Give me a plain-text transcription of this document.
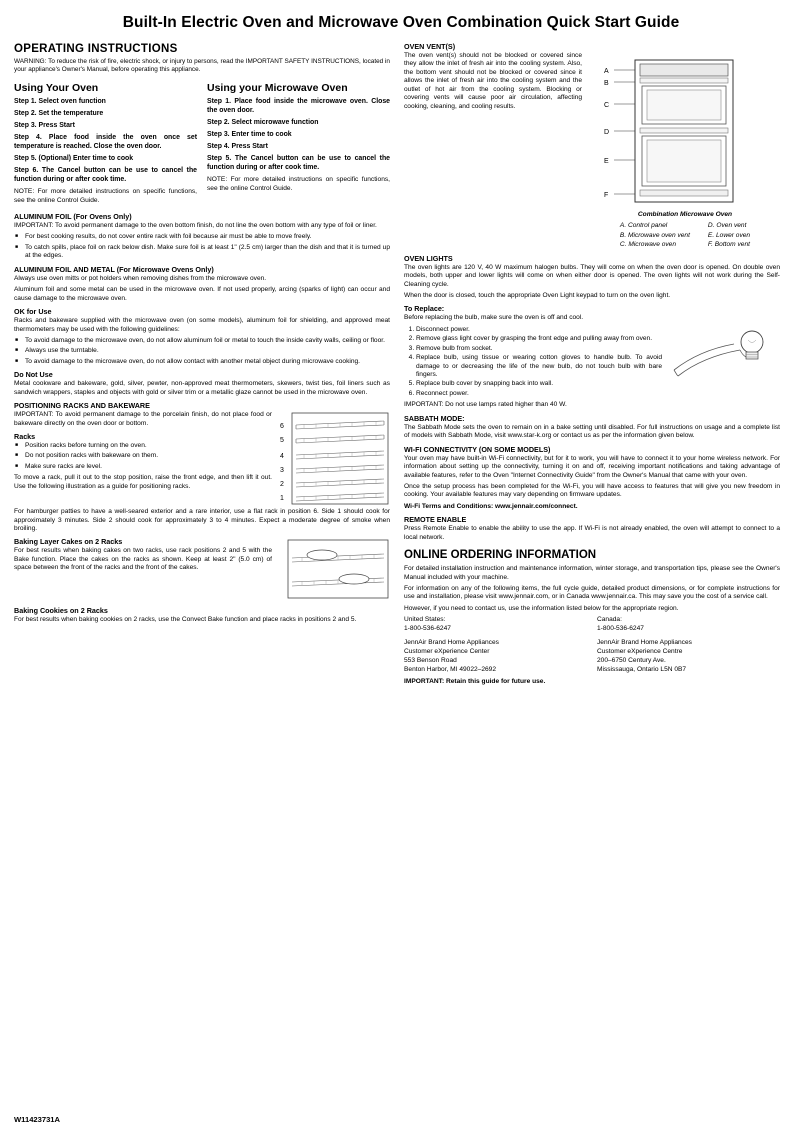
Built-In Electric Oven and Microwave Oven Combination Quick Start Guide
OPERATING INSTRUCTIONS

WARNING: To reduce the risk of fire, electric shock, or injury to persons, read the IMPORTANT SAFETY INSTRUCTIONS, located in your appliance's Owner's Manual, before operating this appliance.

Using Your Oven
Step 1. Select oven function
Step 2. Set the temperature
Step 3. Press Start
Step 4. Place food inside the oven once set temperature is reached. Close the oven door.
Step 5. (Optional) Enter time to cook
Step 6. The Cancel button can be use to cancel the function during or after cook time.

NOTE: For more detailed instructions on specific functions, see the online Control Guide.

Using your Microwave Oven
Step 1. Place food inside the microwave oven. Close the oven door.
Step 2. Select microwave function
Step 3. Enter time to cook
Step 4. Press Start
Step 5. The Cancel button can be use to cancel the function during or after cook time.

NOTE: For more detailed instructions on specific functions, see the online Control Guide.

ALUMINUM FOIL (For Ovens Only)

IMPORTANT: To avoid permanent damage to the oven bottom finish, do not line the oven bottom with any type of foil or liner.

■ For best cooking results, do not cover entire rack with foil because air must be able to move freely.
■ To catch spills, place foil on rack below dish. Make sure foil is at least 1" (2.5 cm) larger than the dish and that it is turned up at the edges.
ALUMINUM FOIL AND METAL (For Microwave Ovens Only)

Always use oven mitts or pot holders when removing dishes from the microwave oven.

Aluminum foil and some metal can be used in the microwave oven. If not used properly, arcing (sparks of light) can occur and cause damage to the microwave oven.

OK for Use

Racks and bakeware supplied with the microwave oven (on some models), aluminum foil for shielding, and approved meat thermometers may be used with the following guidelines:

■ To avoid damage to the microwave oven, do not allow aluminum foil or metal to touch the inside cavity walls, ceiling or floor.
■ Always use the turntable.
■ To avoid damage to the microwave oven, do not allow contact with another metal object during microwave cooking.
Do Not Use

Metal cookware and bakeware, gold, silver, pewter, non-approved meat thermometers, skewers, twist ties, foil liners such as sandwich wrappers, staples and objects with gold or silver trim or a metallic glaze cannot be used in the microwave oven.

POSITIONING RACKS AND BAKEWARE
6
5
4
3
2
1

IMPORTANT: To avoid permanent damage to the porcelain finish, do not place food or bakeware directly on the oven door or bottom.

Racks
■ Position racks before turning on the oven.
■ Do not position racks with bakeware on them.
■ Make sure racks are level.

To move a rack, pull it out to the stop position, raise the front edge, and then lift it out. Use the following illustration as a guide for positioning racks.

For hamburger patties to have a well-seared exterior and a rare interior, use a flat rack in position 6. Side 1 should cook for approximately 3 minutes. Side 2 should cook for approximately 3 to 4 minutes. Expect a moderate degree of smoke when broiling.

Baking Layer Cakes on 2 Racks

For best results when baking cakes on two racks, use rack positions 2 and 5 with the Bake function. Place the cakes on the racks as shown. Keep at least 2" (5.0 cm) of space between the front of the racks and the front of the cakes.

Baking Cookies on 2 Racks

For best results when baking cookies on 2 racks, use the Convect Bake function and place racks in positions 2 and 5.

OVEN VENT(S)

The oven vent(s) should not be blocked or covered since they allow the inlet of fresh air into the cooling system. Also, the bottom vent should not be blocked or covered since it allows the inlet of fresh air into the cooling system and the outlet of hot air from the cooling system. Blocking or covering vents will cause poor air circulation, affecting cooking, cleaning, and cooling results.

A
B
C
D
E
F
Combination Microwave Oven
A. Control panel
B. Microwave oven vent
C. Microwave oven
D. Oven vent
E. Lower oven
F. Bottom vent
OVEN LIGHTS

The oven lights are 120 V, 40 W maximum halogen bulbs. They will come on when the oven door is opened. On double oven models, both upper and lower lights will come on when either door is opened. The oven lights will not work during the Self-Cleaning cycle.

When the door is closed, touch the appropriate Oven Light keypad to turn on the oven light.

To Replace:

Before replacing the bulb, make sure the oven is off and cool.

1. Disconnect power.
2. Remove glass light cover by grasping the front edge and pulling away from oven.
3. Remove bulb from socket.
4. Replace bulb, using tissue or wearing cotton gloves to handle bulb. To avoid damage to or decreasing the life of the new bulb, do not touch bulb with bare fingers.
5. Replace bulb cover by snapping back into wall.
6. Reconnect power.

IMPORTANT: Do not use lamps rated higher than 40 W.

SABBATH MODE:

The Sabbath Mode sets the oven to remain on in a bake setting until disabled. For full instructions on usage and a complete list of models with Sabbath Mode, visit www.star-k.org or contact us as per the information given below.

WI-FI CONNECTIVITY (ON SOME MODELS)

Your oven may have built-in Wi-Fi connectivity, but for it to work, you will have to connect it to your home wireless network. For information about setting up the connectivity, turning it on and off, receiving important notifications and taking advantage of available features, refer to the Oven "Internet Connectivity Guide" from the Owner's Manual that came with your oven.

Once the setup process has been completed for the Wi-Fi, you will have access to features that will give you new freedom in cooking. Your available features may vary depending on firmware updates.

Wi-Fi Terms and Conditions: www.jennair.com/connect.

REMOTE ENABLE

Press Remote Enable to enable the ability to use the app. If Wi-Fi is not already enabled, the oven will attempt to connect to a local network.

ONLINE ORDERING INFORMATION

For detailed installation instruction and maintenance information, winter storage, and transportation tips, please see the Owner's Manual included with your machine.

For information on any of the following items, the full cycle guide, detailed product dimensions, or for complete instructions for use and installation, please visit www.jennair.com, or in Canada www.jennair.ca. This may save you the cost of a service call.

However, if you need to contact us, use the information listed below for the appropriate region.

United States:
1-800-536-6247
JennAir Brand Home Appliances
Customer eXperience Center
553 Benson Road
Benton Harbor, MI 49022–2692
Canada:
1-800-536-6247
JennAir Brand Home Appliances
Customer eXperience Centre
200–6750 Century Ave.
Mississauga, Ontario L5N 0B7

IMPORTANT: Retain this guide for future use.

W11423731A
